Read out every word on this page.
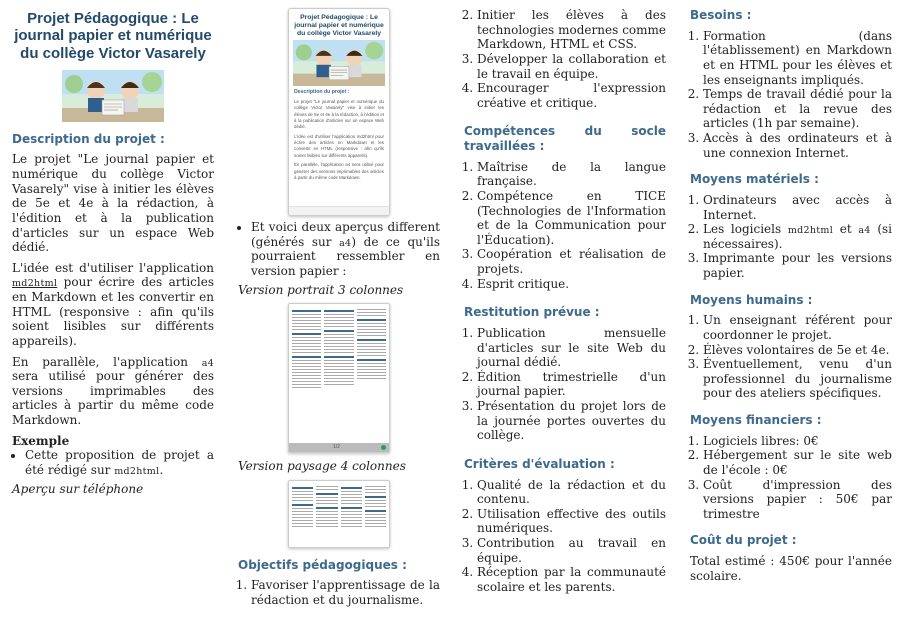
Projet Pédagogique : Le journal papier et numérique du collège Victor Vasarely
Description du projet :

Le projet "Le journal papier et numérique du collège Victor Vasarely" vise à initier les élèves de 5e et 4e à la rédaction, à l'édition et à la publication d'articles sur un espace Web dédié.

L'idée est d'utiliser l'application md2html pour écrire des articles en Markdown et les convertir en HTML (responsive : afin qu'ils soient lisibles sur différents appareils).

En parallèle, l'application a4 sera utilisé pour générer des versions imprimables des articles à partir du même code Markdown.

Exemple
• Cette proposition de projet a été rédigé sur md2html.
Aperçu sur téléphone
Projet Pédagogique : Le journal papier et numérique du collège Victor Vasarely
Description du projet :
Le projet "Le journal papier et numérique du collège Victor Vasarely" vise à initier les élèves de 5e et 4e à la rédaction, à l'édition et à la publication d'articles sur un espace Web dédié.
L'idée est d'utiliser l'application md2html pour écrire des articles en Markdown et les convertir en HTML (responsive : afin qu'ils soient lisibles sur différents appareils).
En parallèle, l'application a4 sera utilisé pour générer des versions imprimables des articles à partir du même code Markdown.
• Et voici deux aperçus different (générés sur a4) de ce qu'ils pourraient ressembler en version papier :
Version portrait 3 colonnes
1/2
Version paysage 4 colonnes
Objectifs pédagogiques :
1. Favoriser l'apprentissage de la rédaction et du journalisme.
2. Initier les élèves à des technologies modernes comme Markdown, HTML et CSS.
3. Développer la collaboration et le travail en équipe.
4. Encourager l'expression créative et critique.
Compétences du socle travaillées :
1. Maîtrise de la langue française.
2. Compétence en TICE (Technologies de l'Information et de la Communication pour l'Éducation).
3. Coopération et réalisation de projets.
4. Esprit critique.
Restitution prévue :
1. Publication mensuelle d'articles sur le site Web du journal dédié.
2. Édition trimestrielle d'un journal papier.
3. Présentation du projet lors de la journée portes ouvertes du collège.
Critères d'évaluation :
1. Qualité de la rédaction et du contenu.
2. Utilisation effective des outils numériques.
3. Contribution au travail en équipe.
4. Réception par la communauté scolaire et les parents.
Besoins :
1. Formation (dans l'établissement) en Markdown et en HTML pour les élèves et les enseignants impliqués.
2. Temps de travail dédié pour la rédaction et la revue des articles (1h par semaine).
3. Accès à des ordinateurs et à une connexion Internet.
Moyens matériels :
1. Ordinateurs avec accès à Internet.
2. Les logiciels md2html et a4 (si nécessaires).
3. Imprimante pour les versions papier.
Moyens humains :
1. Un enseignant référent pour coordonner le projet.
2. Élèves volontaires de 5e et 4e.
3. Éventuellement, venu d'un professionnel du journalisme pour des ateliers spécifiques.
Moyens financiers :
1. Logiciels libres: 0€
2. Hébergement sur le site web de l'école : 0€
3. Coût d'impression des versions papier : 50€ par trimestre
Coût du projet :

Total estimé : 450€ pour l'année scolaire.
